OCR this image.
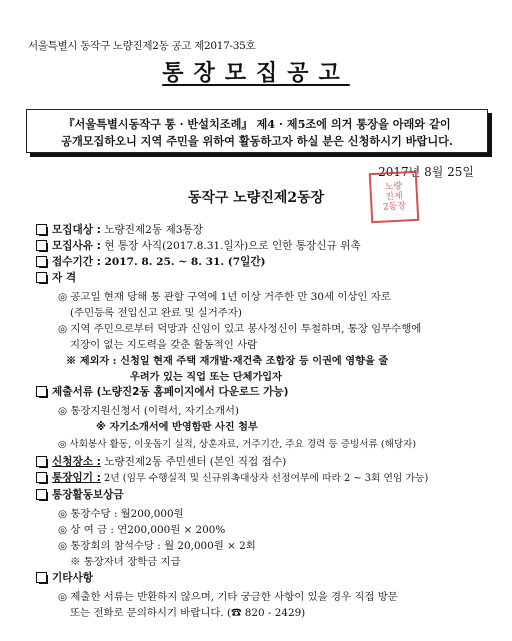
서울특별시 동작구 노량진제2동 공고 제2017-35호
통장모집공고
『서울특별시동작구 통 · 반설치조례』 제4 · 제5조에 의거 통장을 아래와 같이
공개모집하오니 지역 주민을 위하여 활동하고자 하실 분은 신청하시기 바랍니다.
2017년 8월 25일
동작구 노량진제2동장
노량
진제
2동장
모집대상 : 노량진제2동 제3통장
모집사유 : 현 통장 사직(2017.8.31.일자)으로 인한 통장신규 위촉
접수기간 : 2017. 8. 25. ~ 8. 31. (7일간)
자 격
◎ 공고일 현재 당해 통 관할 구역에 1년 이상 거주한 만 30세 이상인 자로
(주민등록 전입신고 완료 및 실거주자)
◎ 지역 주민으로부터 덕망과 신임이 있고 봉사정신이 투철하며, 통장 임무수행에
지장이 없는 지도력을 갖춘 활동적인 사람
※ 제외자 : 신청일 현재 주택 재개발·재건축 조합장 등 이권에 영향을 줄
우려가 있는 직업 또는 단체가입자
제출서류 (노량진2동 홈페이지에서 다운로드 가능)
◎ 통장지원신청서 (이력서, 자기소개서)
※ 자기소개서에 반영함판 사진 첨부
◎ 사회봉사 활동, 이웃돕기 실적, 상훈자료, 거주기간, 주요 경력 등 증빙서류 (해당자)
신청장소 : 노량진제2동 주민센터 (본인 직접 접수)
통장임기 : 2년 (임무 수행실적 및 신규위촉대상자 선정여부에 따라 2 ~ 3회 연임 가능)
통장활동보상금
◎ 통장수당 : 월200,000원
◎ 상 여 금 : 연200,000원 × 200%
◎ 통장회의 참석수당 : 월 20,000원 × 2회
※ 통장자녀 장학금 지급
기타사항
◎ 제출한 서류는 반환하지 않으며, 기타 궁금한 사항이 있을 경우 직접 방문
또는 전화로 문의하시기 바랍니다. (☎ 820 - 2429)
